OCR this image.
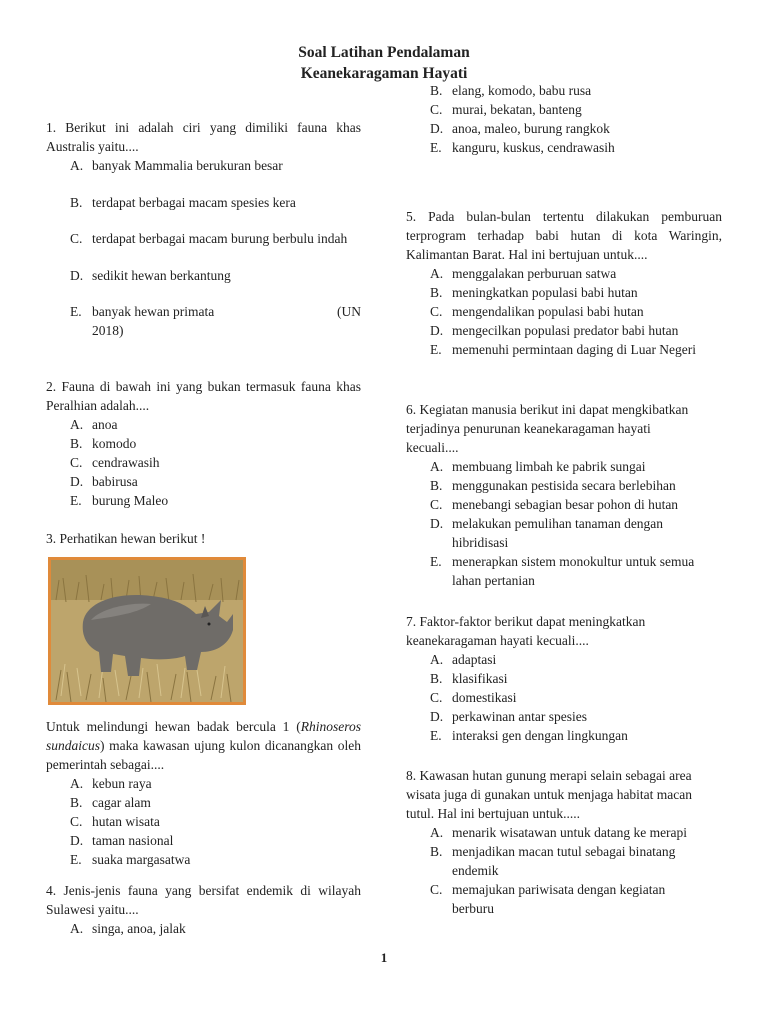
Soal Latihan Pendalaman
Keanekaragaman Hayati
1. Berikut ini adalah ciri yang dimiliki fauna khas Australis yaitu....
A. banyak Mammalia berukuran besar
B. terdapat berbagai macam spesies kera
C. terdapat berbagai macam burung berbulu indah
D. sedikit hewan berkantung
E. banyak hewan primata	(UN
2018)
2. Fauna di bawah ini yang bukan termasuk fauna khas Peralhian adalah....
A. anoa
B. komodo
C. cendrawasih
D. babirusa
E. burung Maleo
3. Perhatikan hewan berikut !
Untuk melindungi hewan badak bercula 1 (Rhinoseros sundaicus) maka kawasan ujung kulon dicanangkan oleh pemerintah sebagai....
A. kebun raya
B. cagar alam
C. hutan wisata
D. taman nasional
E. suaka margasatwa
4. Jenis-jenis fauna yang bersifat endemik di wilayah Sulawesi yaitu....
A. singa, anoa, jalak
B. elang, komodo, babu rusa
C. murai, bekatan, banteng
D. anoa, maleo, burung rangkok
E. kanguru, kuskus, cendrawasih
5. Pada bulan-bulan tertentu dilakukan pemburuan terprogram terhadap babi hutan di kota Waringin, Kalimantan Barat. Hal ini bertujuan untuk....
A. menggalakan perburuan satwa
B. meningkatkan populasi babi hutan
C. mengendalikan populasi babi hutan
D. mengecilkan populasi predator babi hutan
E. memenuhi permintaan daging di Luar Negeri
6. Kegiatan manusia berikut ini dapat mengkibatkan terjadinya penurunan keanekaragaman hayati kecuali....
A. membuang limbah ke pabrik sungai
B. menggunakan pestisida secara berlebihan
C. menebangi sebagian besar pohon di hutan
D. melakukan pemulihan tanaman dengan hibridisasi
E. menerapkan sistem monokultur untuk semua lahan pertanian
7. Faktor-faktor berikut dapat meningkatkan keanekaragaman hayati kecuali....
A. adaptasi
B. klasifikasi
C. domestikasi
D. perkawinan antar spesies
E. interaksi gen dengan lingkungan
8. Kawasan hutan gunung merapi selain sebagai area wisata juga di gunakan untuk menjaga habitat macan tutul. Hal ini bertujuan untuk.....
A. menarik wisatawan untuk datang ke merapi
B. menjadikan macan tutul sebagai binatang endemik
C. memajukan pariwisata dengan kegiatan berburu
1
